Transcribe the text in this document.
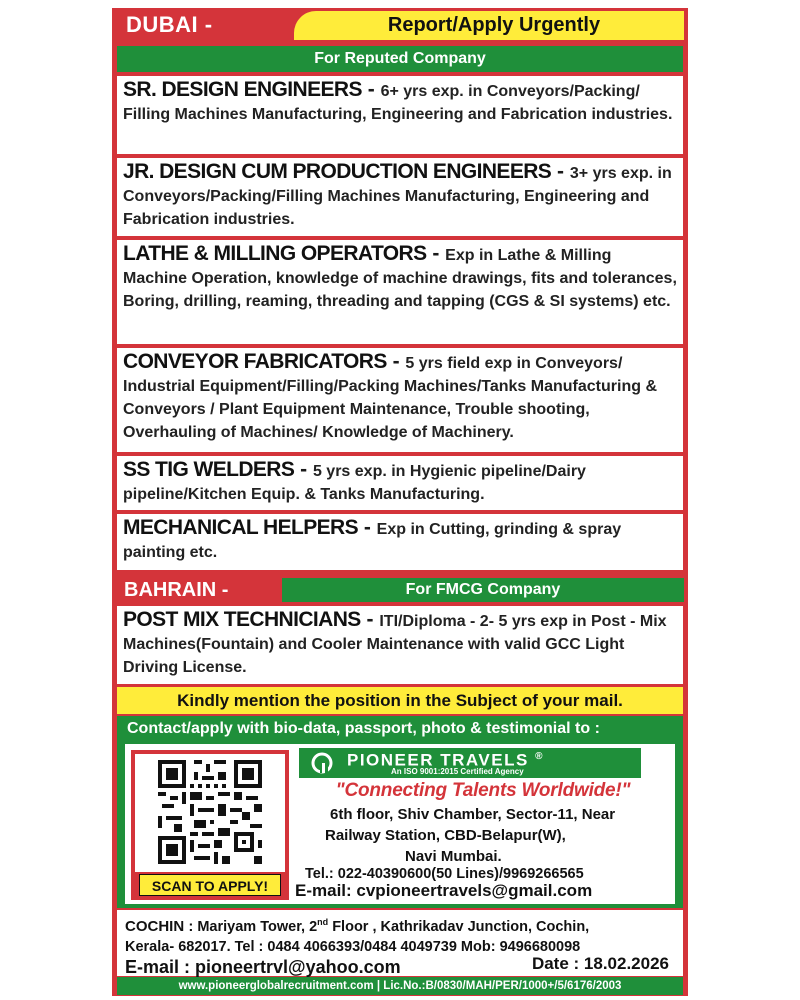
DUBAI -	Report/Apply Urgently
For Reputed Company
SR. DESIGN ENGINEERS - 6+ yrs exp. in Conveyors/Packing/ Filling Machines Manufacturing, Engineering and Fabrication industries.
JR. DESIGN CUM PRODUCTION ENGINEERS - 3+ yrs exp. in Conveyors/Packing/Filling Machines Manufacturing, Engineering and Fabrication industries.
LATHE & MILLING OPERATORS - Exp in Lathe & Milling Machine Operation, knowledge of machine drawings, fits and tolerances, Boring, drilling, reaming, threading and tapping (CGS & SI systems) etc.
CONVEYOR FABRICATORS - 5 yrs field exp in Conveyors/ Industrial Equipment/Filling/Packing Machines/Tanks Manufacturing & Conveyors / Plant Equipment Maintenance, Trouble shooting, Overhauling of Machines/ Knowledge of Machinery.
SS TIG WELDERS - 5 yrs exp. in Hygienic pipeline/Dairy pipeline/Kitchen Equip. & Tanks Manufacturing.
MECHANICAL HELPERS - Exp in Cutting, grinding & spray painting etc.
BAHRAIN -	For FMCG Company
POST MIX TECHNICIANS - ITI/Diploma - 2- 5 yrs exp in Post - Mix Machines(Fountain) and Cooler Maintenance with valid GCC Light Driving License.
Kindly mention the position in the Subject of your mail.
Contact/apply with bio-data, passport, photo & testimonial to :
SCAN TO APPLY!
PIONEER TRAVELS ®
An ISO 9001:2015 Certified Agency
"Connecting Talents Worldwide!"
6th floor, Shiv Chamber, Sector-11, Near
Railway Station, CBD-Belapur(W),
Navi Mumbai.
Tel.: 022-40390600(50 Lines)/9969266565
E-mail: cvpioneertravels@gmail.com
COCHIN : Mariyam Tower, 2nd Floor , Kathrikadav Junction, Cochin,
Kerala- 682017. Tel : 0484 4066393/0484 4049739 Mob: 9496680098
E-mail : pioneertrvl@yahoo.com	Date : 18.02.2026
www.pioneerglobalrecruitment.com | Lic.No.:B/0830/MAH/PER/1000+/5/6176/2003
